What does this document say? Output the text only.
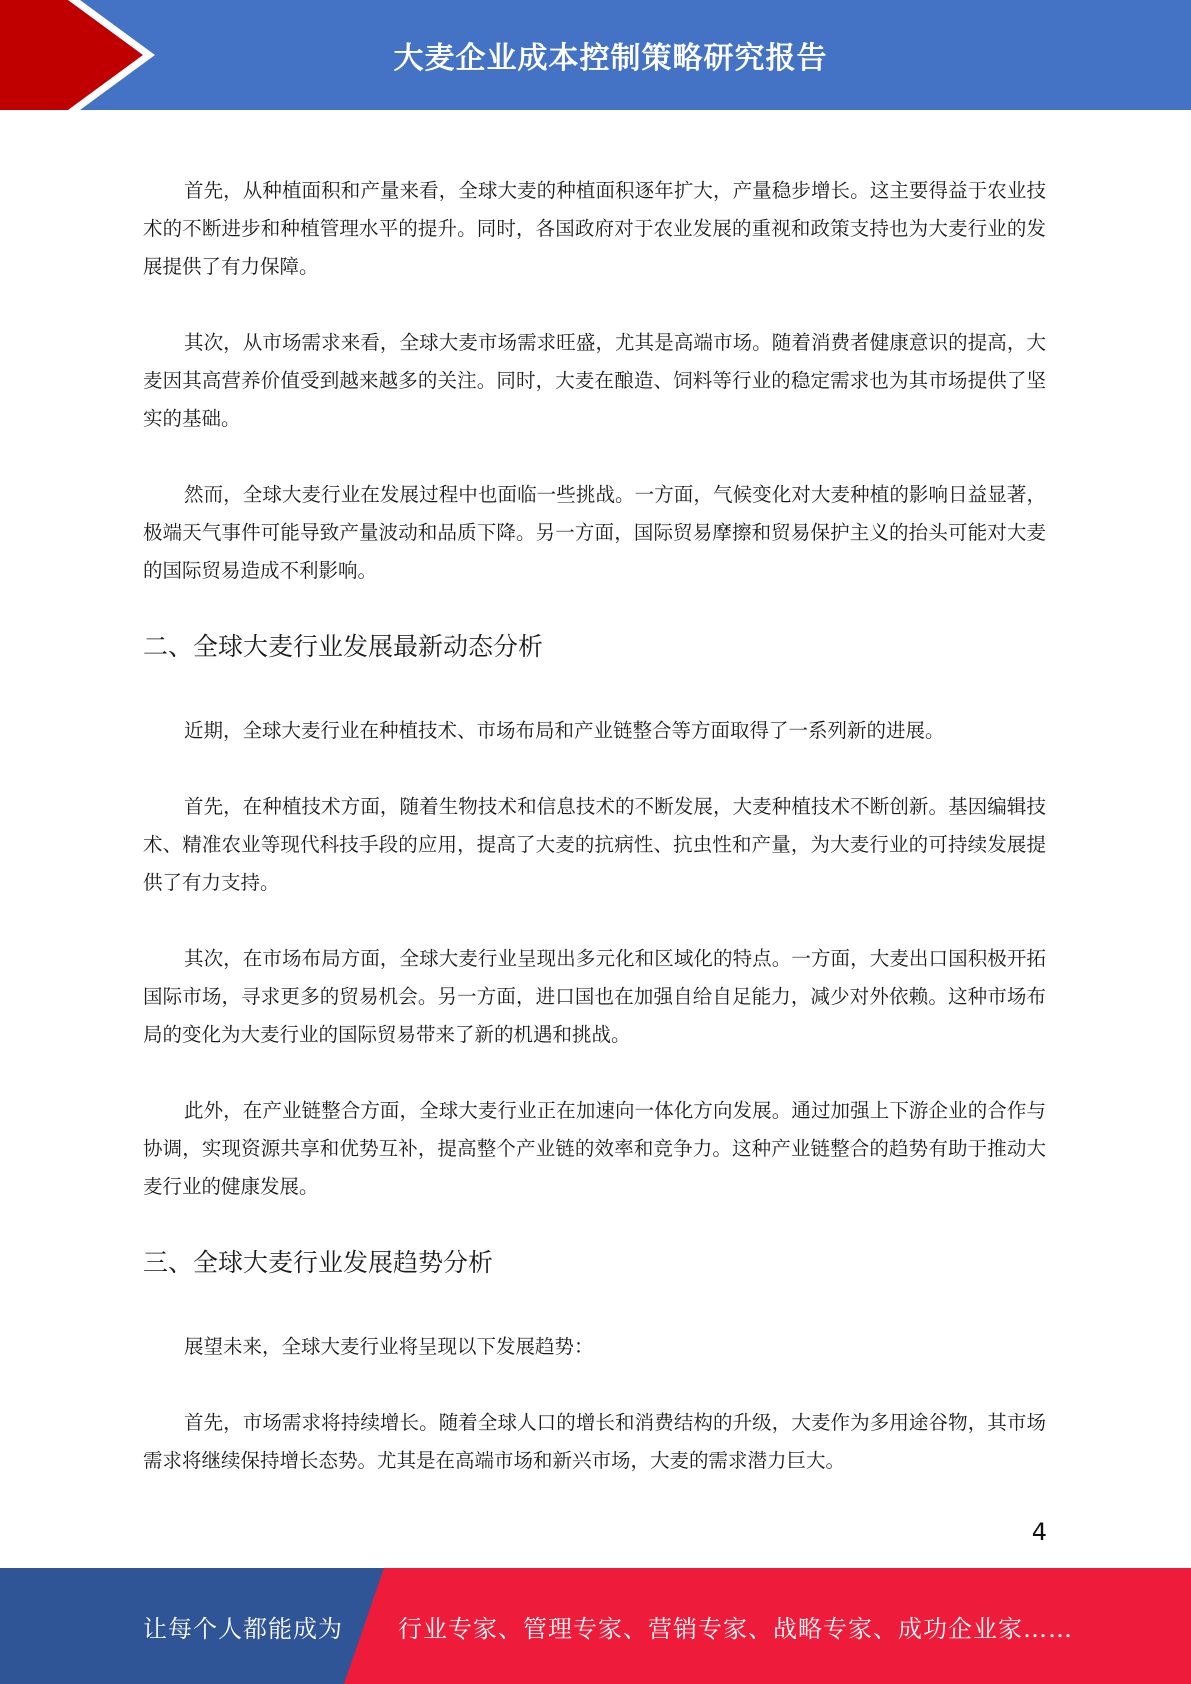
大麦企业成本控制策略研究报告

首先，从种植面积和产量来看，全球大麦的种植面积逐年扩大，产量稳步增长。这主要得益于农业技术的不断进步和种植管理水平的提升。同时，各国政府对于农业发展的重视和政策支持也为大麦行业的发展提供了有力保障。

其次，从市场需求来看，全球大麦市场需求旺盛，尤其是高端市场。随着消费者健康意识的提高，大麦因其高营养价值受到越来越多的关注。同时，大麦在酿造、饲料等行业的稳定需求也为其市场提供了坚实的基础。

然而，全球大麦行业在发展过程中也面临一些挑战。一方面，气候变化对大麦种植的影响日益显著，极端天气事件可能导致产量波动和品质下降。另一方面，国际贸易摩擦和贸易保护主义的抬头可能对大麦的国际贸易造成不利影响。

二、全球大麦行业发展最新动态分析

近期，全球大麦行业在种植技术、市场布局和产业链整合等方面取得了一系列新的进展。

首先，在种植技术方面，随着生物技术和信息技术的不断发展，大麦种植技术不断创新。基因编辑技术、精准农业等现代科技手段的应用，提高了大麦的抗病性、抗虫性和产量，为大麦行业的可持续发展提供了有力支持。

其次，在市场布局方面，全球大麦行业呈现出多元化和区域化的特点。一方面，大麦出口国积极开拓国际市场，寻求更多的贸易机会。另一方面，进口国也在加强自给自足能力，减少对外依赖。这种市场布局的变化为大麦行业的国际贸易带来了新的机遇和挑战。

此外，在产业链整合方面，全球大麦行业正在加速向一体化方向发展。通过加强上下游企业的合作与协调，实现资源共享和优势互补，提高整个产业链的效率和竞争力。这种产业链整合的趋势有助于推动大麦行业的健康发展。

三、全球大麦行业发展趋势分析

展望未来，全球大麦行业将呈现以下发展趋势：

首先，市场需求将持续增长。随着全球人口的增长和消费结构的升级，大麦作为多用途谷物，其市场需求将继续保持增长态势。尤其是在高端市场和新兴市场，大麦的需求潜力巨大。

4
让每个人都能成为 行业专家、管理专家、营销专家、战略专家、成功企业家……
